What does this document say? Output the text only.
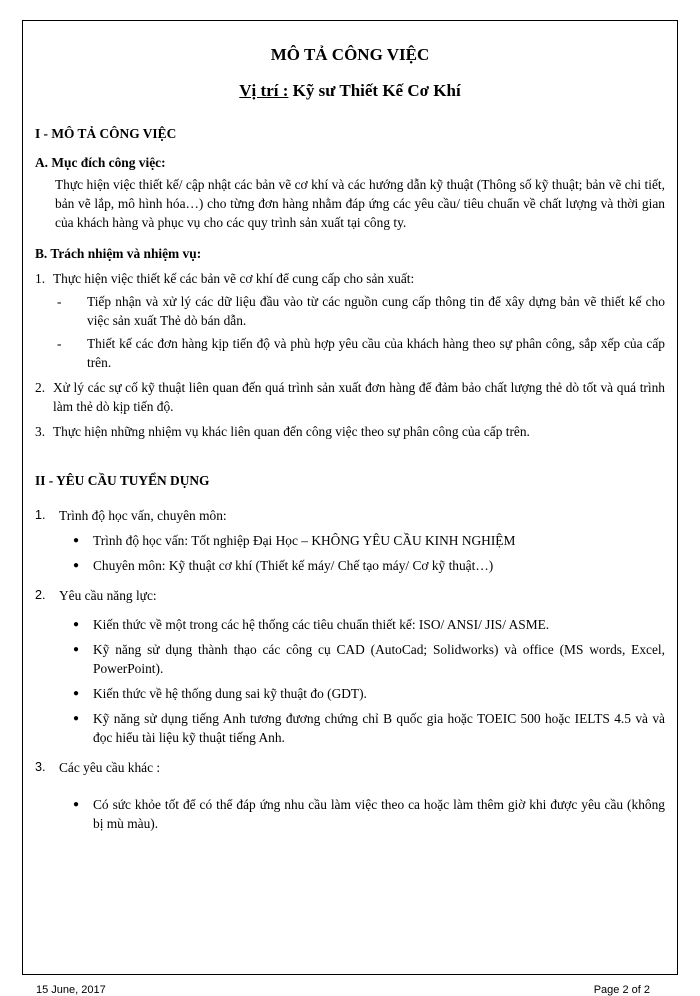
MÔ TẢ CÔNG VIỆC
Vị trí : Kỹ sư Thiết Kế Cơ Khí
I - MÔ TẢ CÔNG VIỆC
A. Mục đích công việc:
Thực hiện việc thiết kế/ cập nhật các bản vẽ cơ khí và các hướng dẫn kỹ thuật (Thông số kỹ thuật; bản vẽ chi tiết, bản vẽ lắp, mô hình hóa…) cho từng đơn hàng nhằm đáp ứng các yêu cầu/ tiêu chuẩn về chất lượng và thời gian của khách hàng và phục vụ cho các quy trình sản xuất tại công ty.
B. Trách nhiệm và nhiệm vụ:
1. Thực hiện việc thiết kế các bản vẽ cơ khí để cung cấp cho sản xuất:
-	Tiếp nhận và xử lý các dữ liệu đầu vào từ các nguồn cung cấp thông tin để xây dựng bản vẽ thiết kế cho việc sản xuất Thẻ dò bán dẫn.
-	Thiết kế các đơn hàng kịp tiến độ và phù hợp yêu cầu của khách hàng theo sự phân công, sắp xếp của cấp trên.
2. Xử lý các sự cố kỹ thuật liên quan đến quá trình sản xuất đơn hàng để đảm bảo chất lượng thẻ dò tốt và quá trình làm thẻ dò kịp tiến độ.
3. Thực hiện những nhiệm vụ khác liên quan đến công việc theo sự phân công của cấp trên.
II - YÊU CẦU TUYỂN DỤNG
1.	Trình độ học vấn, chuyên môn:
●	Trình độ học vấn: Tốt nghiệp Đại Học – KHÔNG YÊU CẦU KINH NGHIỆM
●	Chuyên môn: Kỹ thuật cơ khí (Thiết kế máy/ Chế tạo máy/ Cơ kỹ thuật…)
2.	Yêu cầu năng lực:
●	Kiến thức về một trong các hệ thống các tiêu chuẩn thiết kế: ISO/ ANSI/ JIS/ ASME.
●	Kỹ năng sử dụng thành thạo các công cụ CAD (AutoCad; Solidworks) và office (MS words, Excel, PowerPoint).
●	Kiến thức về hệ thống dung sai kỹ thuật đo (GDT).
●	Kỹ năng sử dụng tiếng Anh tương đương chứng chỉ B quốc gia hoặc TOEIC 500 hoặc IELTS 4.5 và và đọc hiểu tài liệu kỹ thuật tiếng Anh.
3.	Các yêu cầu khác :
●	Có sức khỏe tốt để có thể đáp ứng nhu cầu làm việc theo ca hoặc làm thêm giờ khi được yêu cầu (không bị mù màu).
15 June, 2017	Page 2 of 2
